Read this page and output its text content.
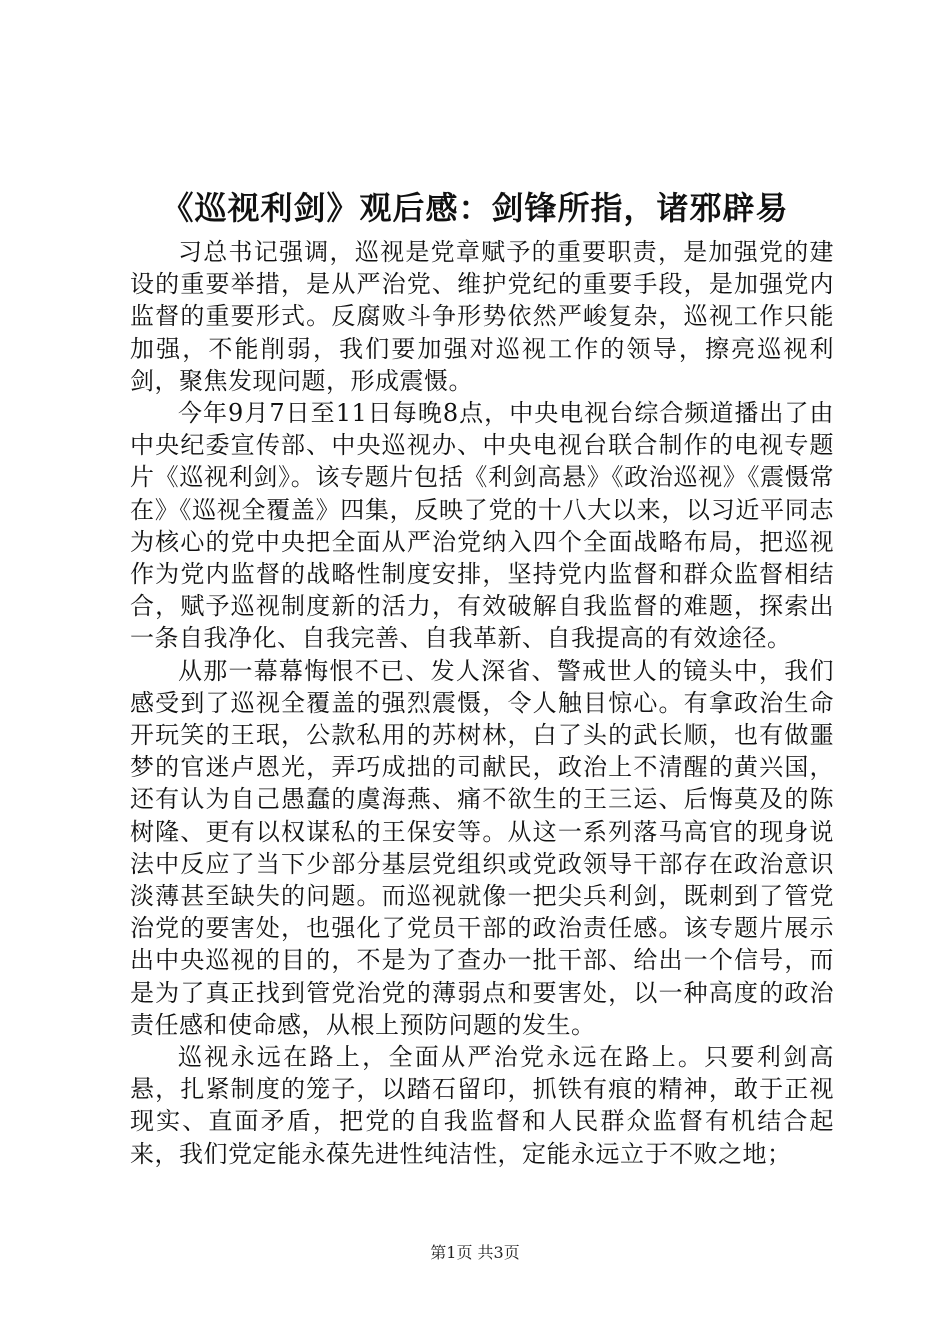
《巡视利剑》观后感：剑锋所指，诸邪辟易

习总书记强调，巡视是党章赋予的重要职责，是加强党的建设的重要举措，是从严治党、维护党纪的重要手段，是加强党内监督的重要形式。反腐败斗争形势依然严峻复杂，巡视工作只能加强，不能削弱，我们要加强对巡视工作的领导，擦亮巡视利剑，聚焦发现问题，形成震慑。

今年9月7日至11日每晚8点，中央电视台综合频道播出了由中央纪委宣传部、中央巡视办、中央电视台联合制作的电视专题片《巡视利剑》。该专题片包括《利剑高悬》《政治巡视》《震慑常在》《巡视全覆盖》四集，反映了党的十八大以来，以习近平同志为核心的党中央把全面从严治党纳入四个全面战略布局，把巡视作为党内监督的战略性制度安排，坚持党内监督和群众监督相结合，赋予巡视制度新的活力，有效破解自我监督的难题，探索出一条自我净化、自我完善、自我革新、自我提高的有效途径。

从那一幕幕悔恨不已、发人深省、警戒世人的镜头中，我们感受到了巡视全覆盖的强烈震慑，令人触目惊心。有拿政治生命开玩笑的王珉，公款私用的苏树林，白了头的武长顺，也有做噩梦的官迷卢恩光，弄巧成拙的司献民，政治上不清醒的黄兴国，还有认为自己愚蠢的虞海燕、痛不欲生的王三运、后悔莫及的陈树隆、更有以权谋私的王保安等。从这一系列落马高官的现身说法中反应了当下少部分基层党组织或党政领导干部存在政治意识淡薄甚至缺失的问题。而巡视就像一把尖兵利剑，既刺到了管党治党的要害处，也强化了党员干部的政治责任感。该专题片展示出中央巡视的目的，不是为了查办一批干部、给出一个信号，而是为了真正找到管党治党的薄弱点和要害处，以一种高度的政治责任感和使命感，从根上预防问题的发生。

巡视永远在路上，全面从严治党永远在路上。只要利剑高悬，扎紧制度的笼子，以踏石留印，抓铁有痕的精神，敢于正视现实、直面矛盾，把党的自我监督和人民群众监督有机结合起来，我们党定能永葆先进性纯洁性，定能永远立于不败之地；

第1页 共3页
